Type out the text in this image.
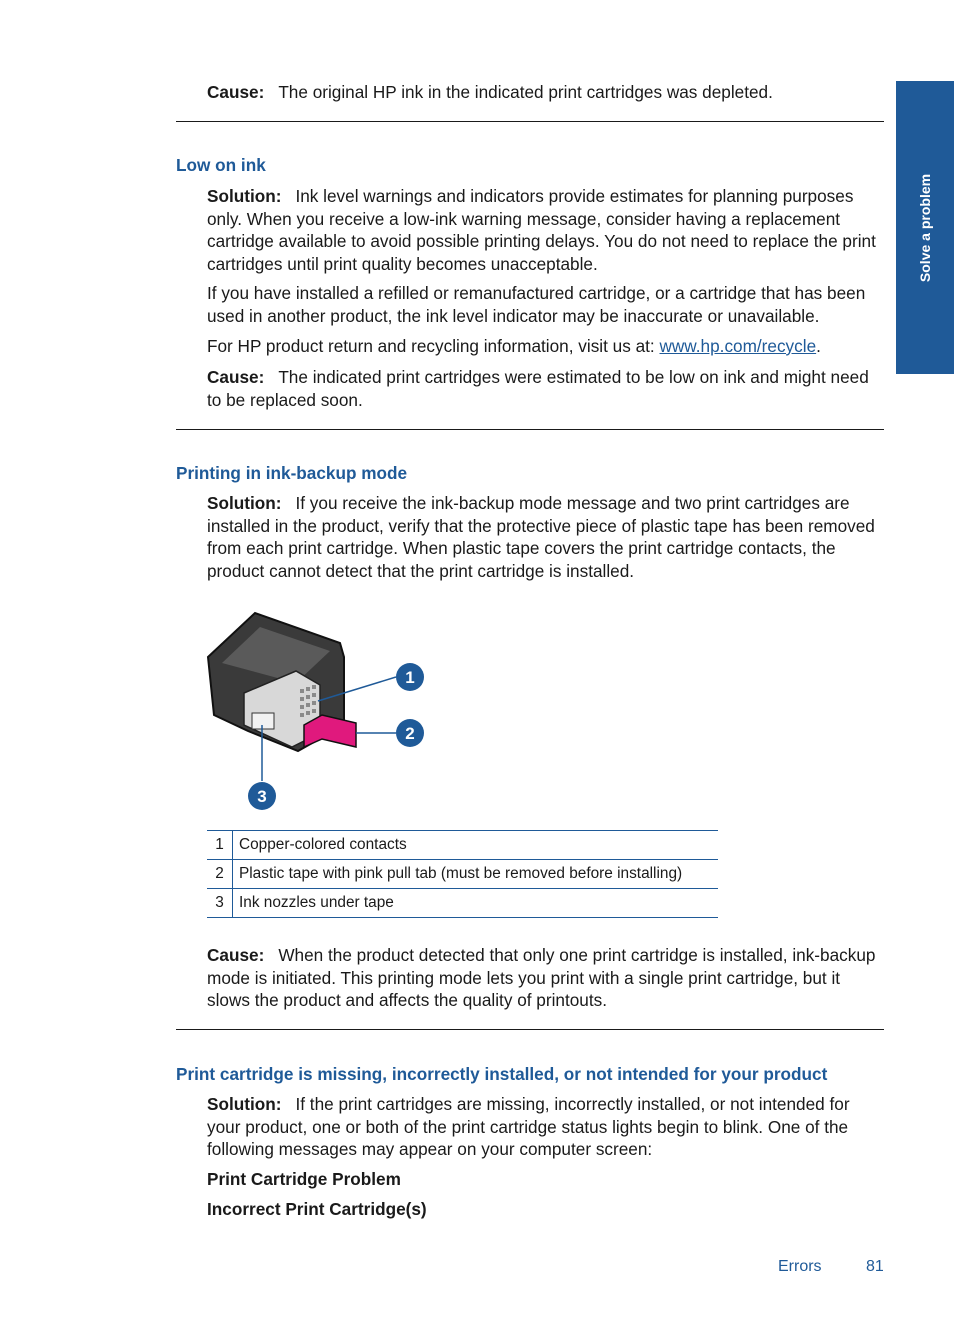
Solve a problem

Cause: The original HP ink in the indicated print cartridges was depleted.

Low on ink

Solution: Ink level warnings and indicators provide estimates for planning purposes only. When you receive a low-ink warning message, consider having a replacement cartridge available to avoid possible printing delays. You do not need to replace the print cartridges until print quality becomes unacceptable.

If you have installed a refilled or remanufactured cartridge, or a cartridge that has been used in another product, the ink level indicator may be inaccurate or unavailable.

For HP product return and recycling information, visit us at: www.hp.com/recycle.

Cause: The indicated print cartridges were estimated to be low on ink and might need to be replaced soon.

Printing in ink-backup mode

Solution: If you receive the ink-backup mode message and two print cartridges are installed in the product, verify that the protective piece of plastic tape has been removed from each print cartridge. When plastic tape covers the print cartridge contacts, the product cannot detect that the print cartridge is installed.

1
2
3
1	Copper-colored contacts
2	Plastic tape with pink pull tab (must be removed before installing)
3	Ink nozzles under tape

Cause: When the product detected that only one print cartridge is installed, ink-backup mode is initiated. This printing mode lets you print with a single print cartridge, but it slows the product and affects the quality of printouts.

Print cartridge is missing, incorrectly installed, or not intended for your product

Solution: If the print cartridges are missing, incorrectly installed, or not intended for your product, one or both of the print cartridge status lights begin to blink. One of the following messages may appear on your computer screen:

Print Cartridge Problem

Incorrect Print Cartridge(s)

Errors	81
